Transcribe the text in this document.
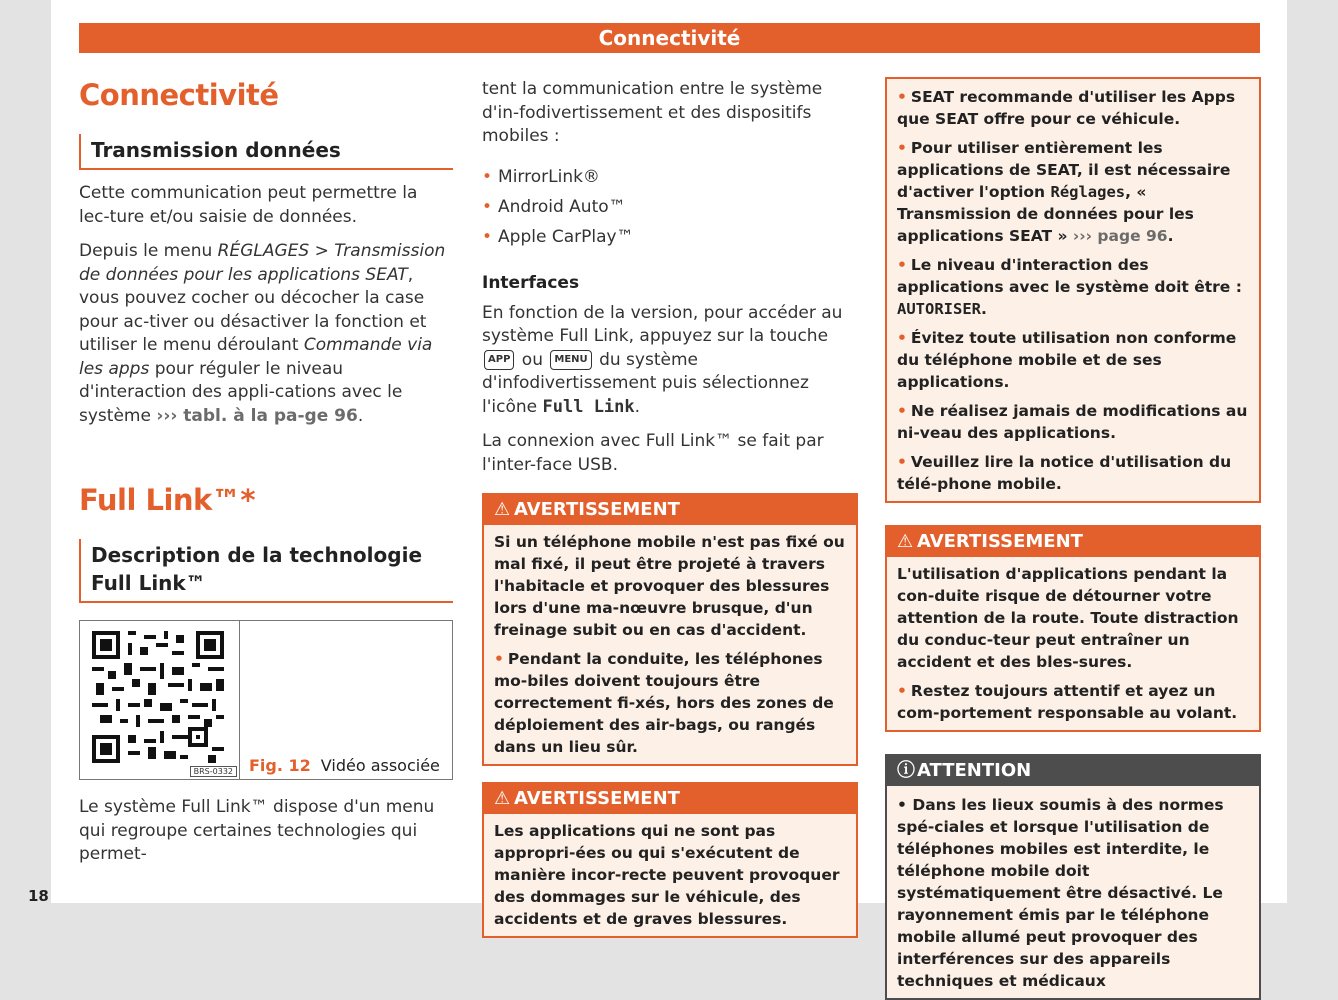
Connectivité
Connectivité
Transmission données

Cette communication peut permettre la lec-ture et/ou saisie de données.

Depuis le menu RÉGLAGES > Transmission de données pour les applications SEAT, vous pouvez cocher ou décocher la case pour ac-tiver ou désactiver la fonction et utiliser le menu déroulant Commande via les apps pour réguler le niveau d'interaction des appli-cations avec le système ››› tabl. à la pa-ge 96.

Full Link™*
Description de la technologie Full Link™
BRS-0332 Fig. 12 Vidéo associée

Le système Full Link™ dispose d'un menu qui regroupe certaines technologies qui permet-

tent la communication entre le système d'in-fodivertissement et des dispositifs mobiles :

• MirrorLink®
• Android Auto™
• Apple CarPlay™
Interfaces

En fonction de la version, pour accéder au système Full Link, appuyez sur la touche APP ou MENU du système d'infodivertissement puis sélectionnez l'icône Full Link.

La connexion avec Full Link™ se fait par l'inter-face USB.

⚠ AVERTISSEMENT

Si un téléphone mobile n'est pas fixé ou mal fixé, il peut être projeté à travers l'habitacle et provoquer des blessures lors d'une ma-nœuvre brusque, d'un freinage subit ou en cas d'accident.

• Pendant la conduite, les téléphones mo-biles doivent toujours être correctement fi-xés, hors des zones de déploiement des air-bags, ou rangés dans un lieu sûr.

⚠ AVERTISSEMENT

Les applications qui ne sont pas appropri-ées ou qui s'exécutent de manière incor-recte peuvent provoquer des dommages sur le véhicule, des accidents et de graves blessures.

• SEAT recommande d'utiliser les Apps que SEAT offre pour ce véhicule.

• Pour utiliser entièrement les applications de SEAT, il est nécessaire d'activer l'option Réglages, « Transmission de données pour les applications SEAT » ››› page 96.

• Le niveau d'interaction des applications avec le système doit être : AUTORISER.

• Évitez toute utilisation non conforme du téléphone mobile et de ses applications.

• Ne réalisez jamais de modifications au ni-veau des applications.

• Veuillez lire la notice d'utilisation du télé-phone mobile.

⚠ AVERTISSEMENT

L'utilisation d'applications pendant la con-duite risque de détourner votre attention de la route. Toute distraction du conduc-teur peut entraîner un accident et des bles-sures.

• Restez toujours attentif et ayez un com-portement responsable au volant.

ⓘ ATTENTION

• Dans les lieux soumis à des normes spé-ciales et lorsque l'utilisation de téléphones mobiles est interdite, le téléphone mobile doit systématiquement être désactivé. Le rayonnement émis par le téléphone mobile allumé peut provoquer des interférences sur des appareils techniques et médicaux

18
